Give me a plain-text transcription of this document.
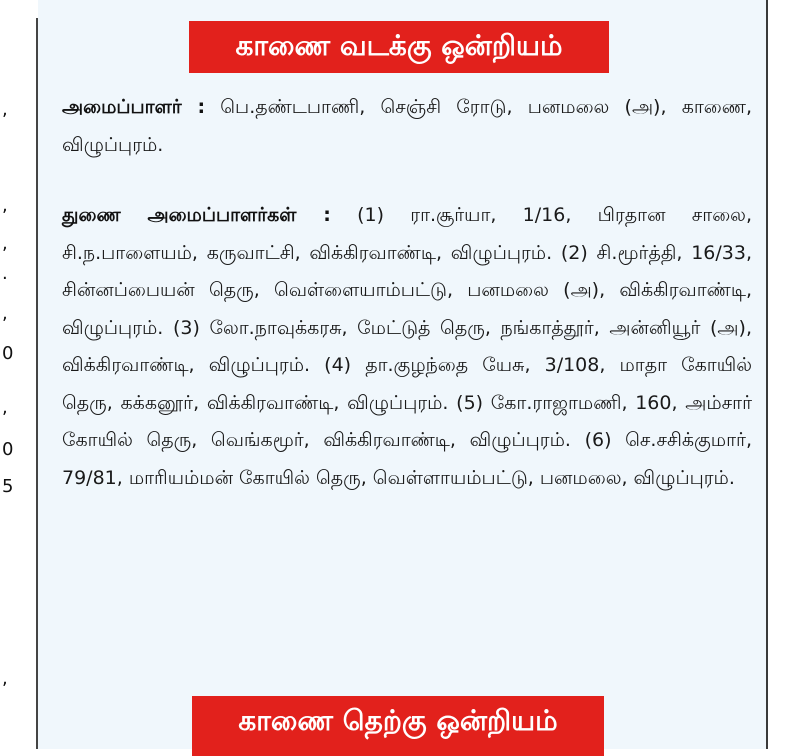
,
,
,
.
,
0
,
0
5
,
காணை வடக்கு ஒன்றியம்
அமைப்பாளர் : பெ.தண்டபாணி, செஞ்சி ரோடு, பனமலை (அ), காணை, விழுப்புரம்.
துணை அமைப்பாளர்கள் : (1) ரா.சூர்யா, 1/16, பிரதான சாலை, சி.ந.பாளையம், கருவாட்சி, விக்கிரவாண்டி, விழுப்புரம். (2) சி.மூர்த்தி, 16/33, சின்னப்பையன் தெரு, வெள்ளையாம்பட்டு, பனமலை (அ), விக்கிரவாண்டி, விழுப்புரம். (3) லோ.நாவுக்கரசு, மேட்டுத் தெரு, நங்காத்தூர், அன்னியூர் (அ), விக்கிரவாண்டி, விழுப்புரம். (4) தா.குழந்தை யேசு, 3/108, மாதா கோயில் தெரு, கக்கனூர், விக்கிரவாண்டி, விழுப்புரம். (5) கோ.ராஜாமணி, 160, அம்சார் கோயில் தெரு, வெங்கமூர், விக்கிரவாண்டி, விழுப்புரம். (6) செ.சசிக்குமார், 79/81, மாரியம்மன் கோயில் தெரு, வெள்ளாயம்பட்டு, பனமலை, விழுப்புரம்.
காணை தெற்கு ஒன்றியம்
